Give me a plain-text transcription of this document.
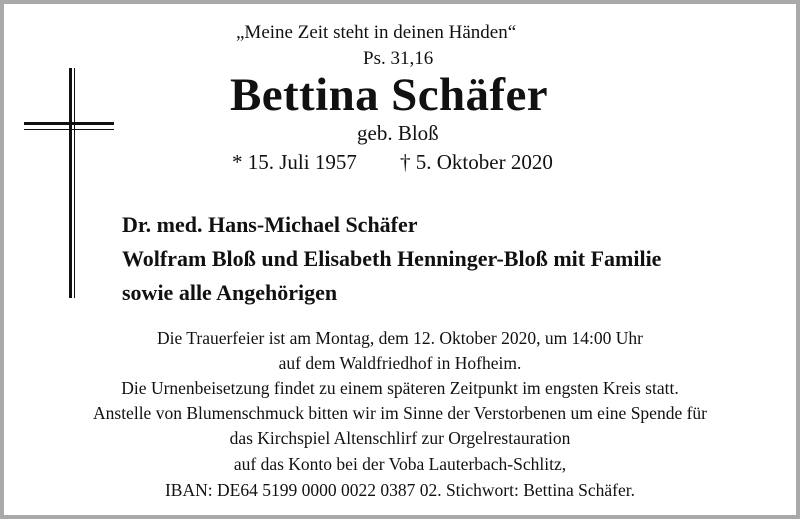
„Meine Zeit steht in deinen Händen“
Ps. 31,16
Bettina Schäfer
geb. Bloß
* 15. Juli 1957 † 5. Oktober 2020
Dr. med. Hans-Michael Schäfer
Wolfram Bloß und Elisabeth Henninger-Bloß mit Familie
sowie alle Angehörigen

Die Trauerfeier ist am Montag, dem 12. Oktober 2020, um 14:00 Uhr

auf dem Waldfriedhof in Hofheim.

Die Urnenbeisetzung findet zu einem späteren Zeitpunkt im engsten Kreis statt.

Anstelle von Blumenschmuck bitten wir im Sinne der Verstorbenen um eine Spende für

das Kirchspiel Altenschlirf zur Orgelrestauration

auf das Konto bei der Voba Lauterbach-Schlitz,

IBAN: DE64 5199 0000 0022 0387 02. Stichwort: Bettina Schäfer.
